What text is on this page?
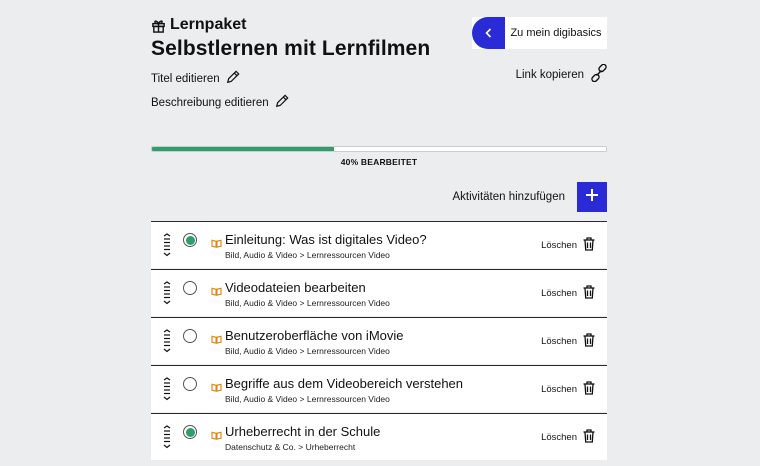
Lernpaket
Selbstlernen mit Lernfilmen
Titel editieren
Beschreibung editieren
Zu mein digibasics
Link kopieren
40% BEARBEITET
Aktivitäten hinzufügen
Einleitung: Was ist digitales Video?
Bild, Audio & Video > Lernressourcen Video
Löschen
Videodateien bearbeiten
Bild, Audio & Video > Lernressourcen Video
Löschen
Benutzeroberfläche von iMovie
Bild, Audio & Video > Lernressourcen Video
Löschen
Begriffe aus dem Videobereich verstehen
Bild, Audio & Video > Lernressourcen Video
Löschen
Urheberrecht in der Schule
Datenschutz & Co. > Urheberrecht
Löschen
